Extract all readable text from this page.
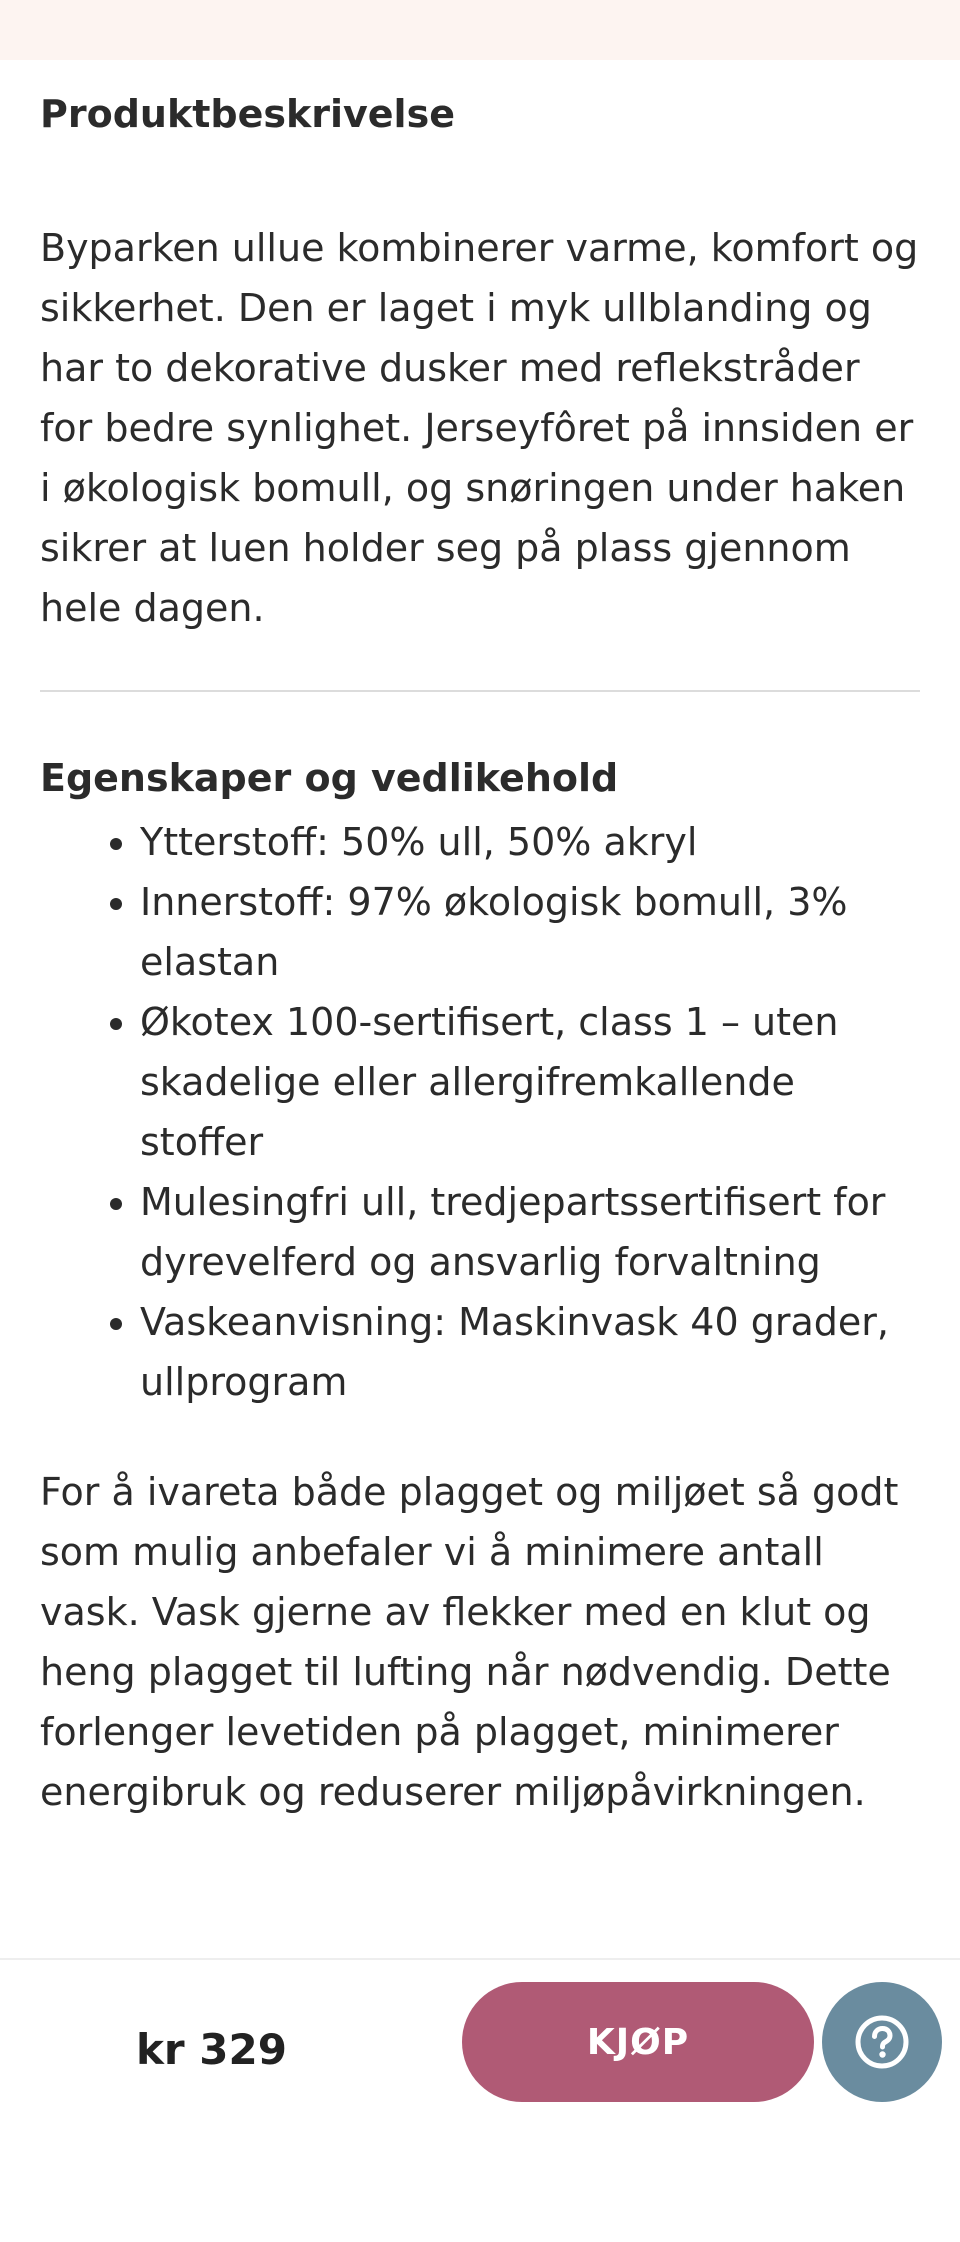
Produktbeskrivelse

Byparken ullue kombinerer varme, komfort og sikkerhet. Den er laget i myk ullblanding og har to dekorative dusker med reflekstråder for bedre synlighet. Jerseyfôret på innsiden er i økologisk bomull, og snøringen under haken sikrer at luen holder seg på plass gjennom hele dagen.

Egenskaper og vedlikehold
• Ytterstoff: 50% ull, 50% akryl
• Innerstoff: 97% økologisk bomull, 3% elastan
• Økotex 100-sertifisert, class 1 – uten skadelige eller allergifremkallende stoffer
• Mulesingfri ull, tredjepartssertifisert for dyrevelferd og ansvarlig forvaltning
• Vaskeanvisning: Maskinvask 40 grader, ullprogram

For å ivareta både plagget og miljøet så godt som mulig anbefaler vi å minimere antall vask. Vask gjerne av flekker med en klut og heng plagget til lufting når nødvendig. Dette forlenger levetiden på plagget, minimerer energibruk og reduserer miljøpåvirkningen.

kr 329	KJØP
